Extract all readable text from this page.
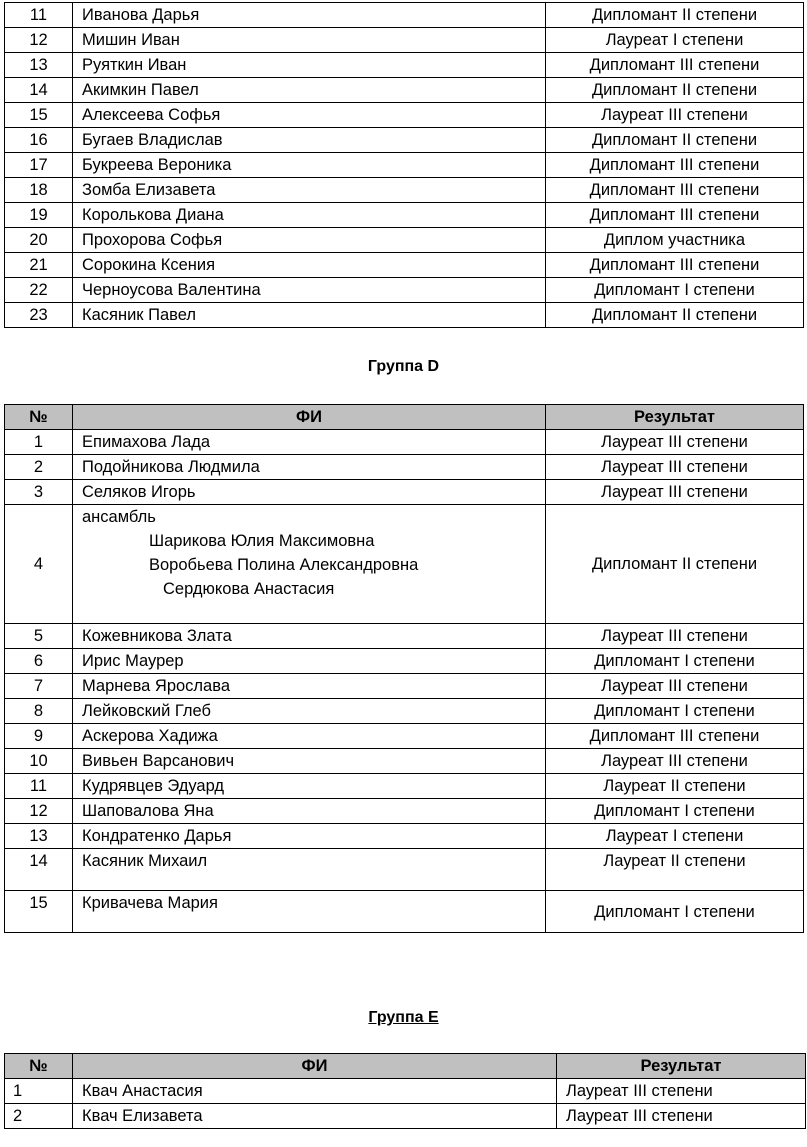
11	Иванова Дарья	Дипломант II степени
12	Мишин Иван	Лауреат I степени
13	Руяткин Иван	Дипломант III степени
14	Акимкин Павел	Дипломант II степени
15	Алексеева Софья	Лауреат III степени
16	Бугаев Владислав	Дипломант II степени
17	Букреева Вероника	Дипломант III степени
18	Зомба Елизавета	Дипломант III степени
19	Королькова Диана	Дипломант III степени
20	Прохорова Софья	Диплом участника
21	Сорокина Ксения	Дипломант III степени
22	Черноусова Валентина	Дипломант I степени
23	Касяник Павел	Дипломант II степени
Группа D
№	ФИ	Результат
1	Епимахова Лада	Лауреат III степени
2	Подойникова Людмила	Лауреат III степени
3	Селяков Игорь	Лауреат III степени
4	ансамбль
Шарикова Юлия Максимовна
Воробьева Полина Александровна
Сердюкова Анастасия	Дипломант II степени
5	Кожевникова Злата	Лауреат III степени
6	Ирис Маурер	Дипломант I степени
7	Марнева Ярослава	Лауреат III степени
8	Лейковский Глеб	Дипломант I степени
9	Аскерова Хадижа	Дипломант III степени
10	Вивьен Варсанович	Лауреат III степени
11	Кудрявцев Эдуард	Лауреат II степени
12	Шаповалова Яна	Дипломант I степени
13	Кондратенко Дарья	Лауреат I степени
14	Касяник Михаил	Лауреат II степени
15	Кривачева Мария	Дипломант I степени
Группа Е
№	ФИ	Результат
1	Квач Анастасия	Лауреат III степени
2	Квач Елизавета	Лауреат III степени
